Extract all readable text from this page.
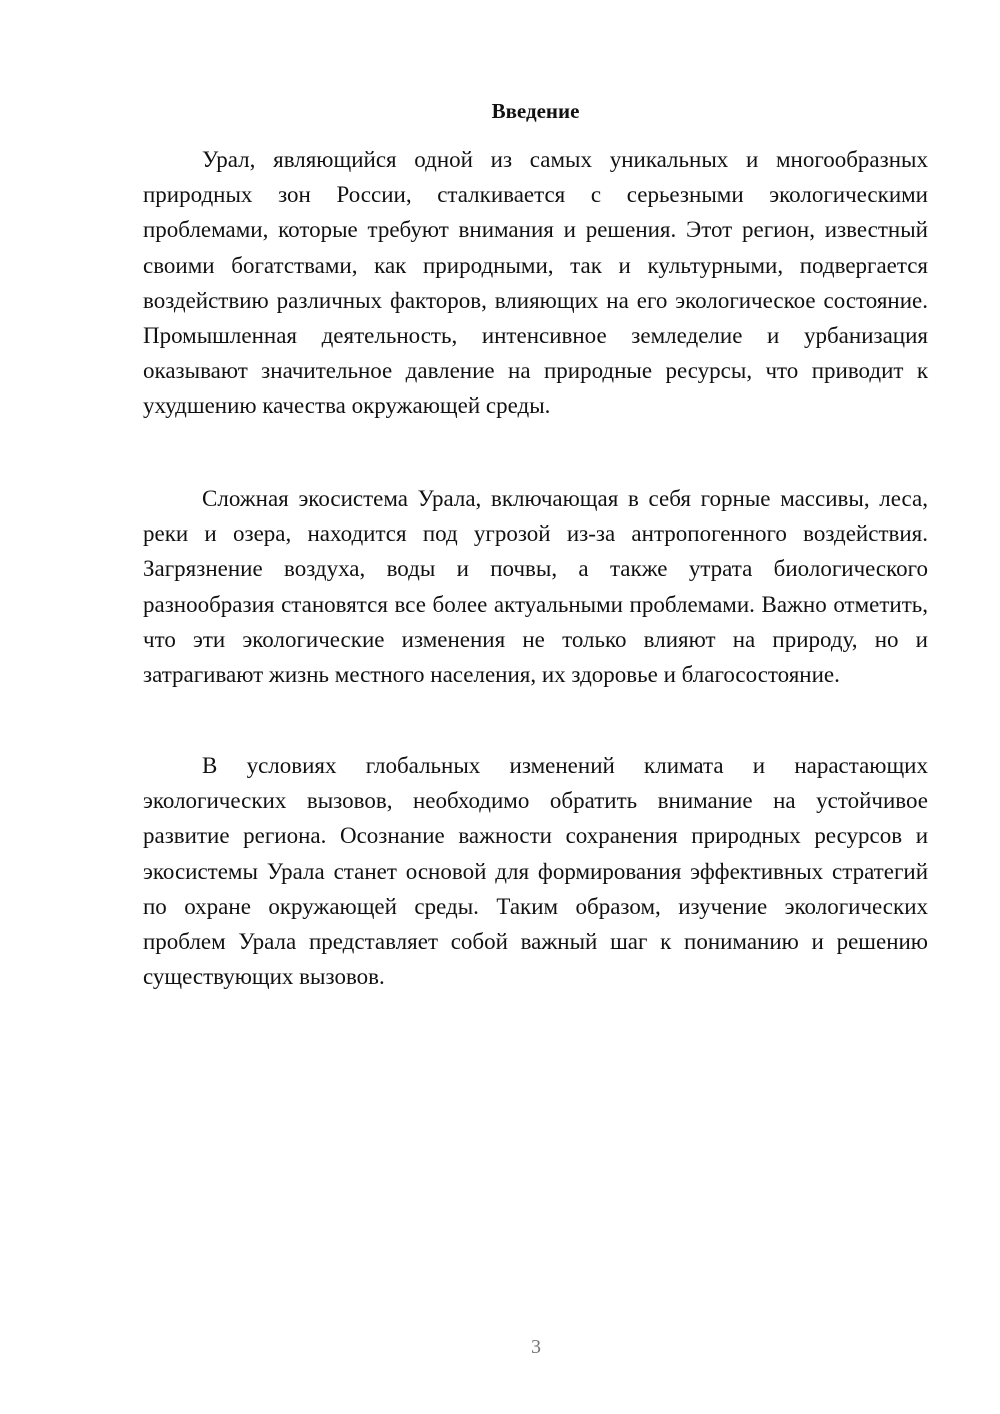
Введение

Урал, являющийся одной из самых уникальных и многообразных природных зон России, сталкивается с серьезными экологическими проблемами, которые требуют внимания и решения. Этот регион, известный своими богатствами, как природными, так и культурными, подвергается воздействию различных факторов, влияющих на его экологическое состояние. Промышленная деятельность, интенсивное земледелие и урбанизация оказывают значительное давление на природные ресурсы, что приводит к ухудшению качества окружающей среды.

Сложная экосистема Урала, включающая в себя горные массивы, леса, реки и озера, находится под угрозой из-за антропогенного воздействия. Загрязнение воздуха, воды и почвы, а также утрата биологического разнообразия становятся все более актуальными проблемами. Важно отметить, что эти экологические изменения не только влияют на природу, но и затрагивают жизнь местного населения, их здоровье и благосостояние.

В условиях глобальных изменений климата и нарастающих экологических вызовов, необходимо обратить внимание на устойчивое развитие региона. Осознание важности сохранения природных ресурсов и экосистемы Урала станет основой для формирования эффективных стратегий по охране окружающей среды. Таким образом, изучение экологических проблем Урала представляет собой важный шаг к пониманию и решению существующих вызовов.

3
